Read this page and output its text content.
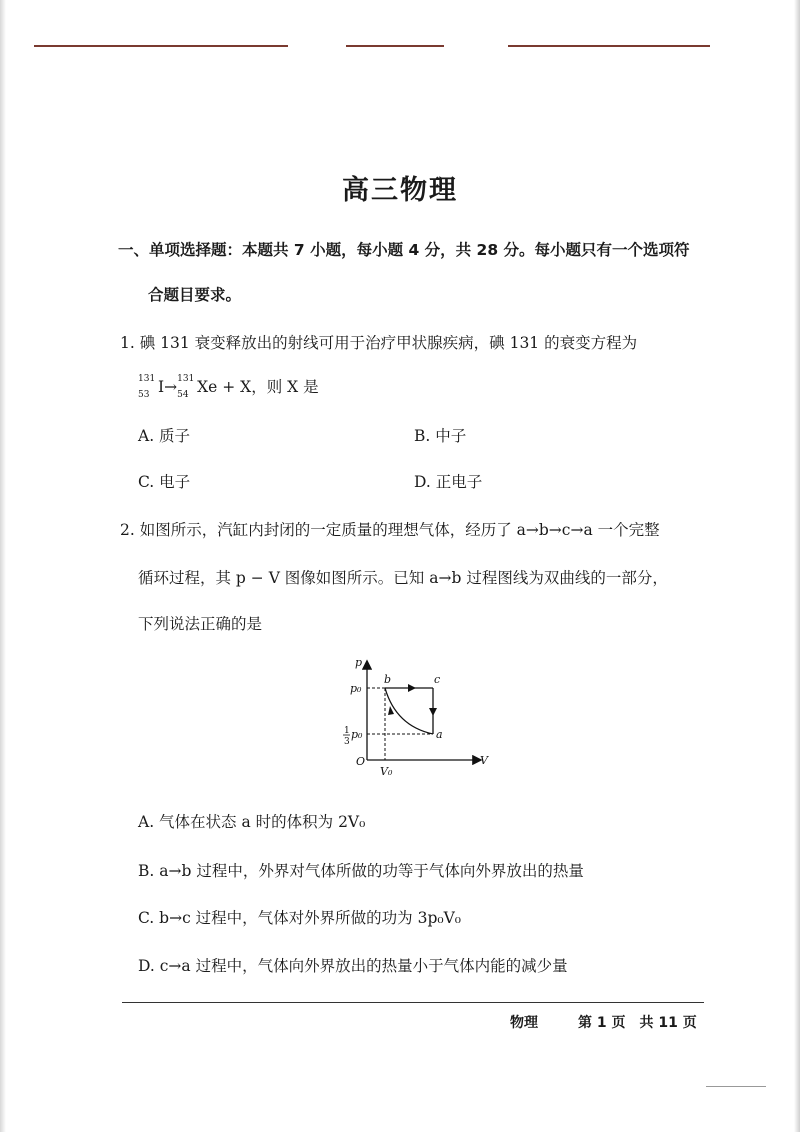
高三物理
一、单项选择题：本题共 7 小题，每小题 4 分，共 28 分。每小题只有一个选项符
合题目要求。
1. 碘 131 衰变释放出的射线可用于治疗甲状腺疾病，碘 131 的衰变方程为
131
53 I→ 131
54 Xe + X，则 X 是
A. 质子	B. 中子
C. 电子	D. 正电子
2. 如图所示，汽缸内封闭的一定质量的理想气体，经历了 a→b→c→a 一个完整
循环过程，其 p − V 图像如图所示。已知 a→b 过程图线为双曲线的一部分，
下列说法正确的是
p
V
O
p₀
1
3
p₀
V₀
a
b	c
A. 气体在状态 a 时的体积为 2V₀
B. a→b 过程中，外界对气体所做的功等于气体向外界放出的热量
C. b→c 过程中，气体对外界所做的功为 3p₀V₀
D. c→a 过程中，气体向外界放出的热量小于气体内能的减少量
物理	第 1 页　共 11 页
